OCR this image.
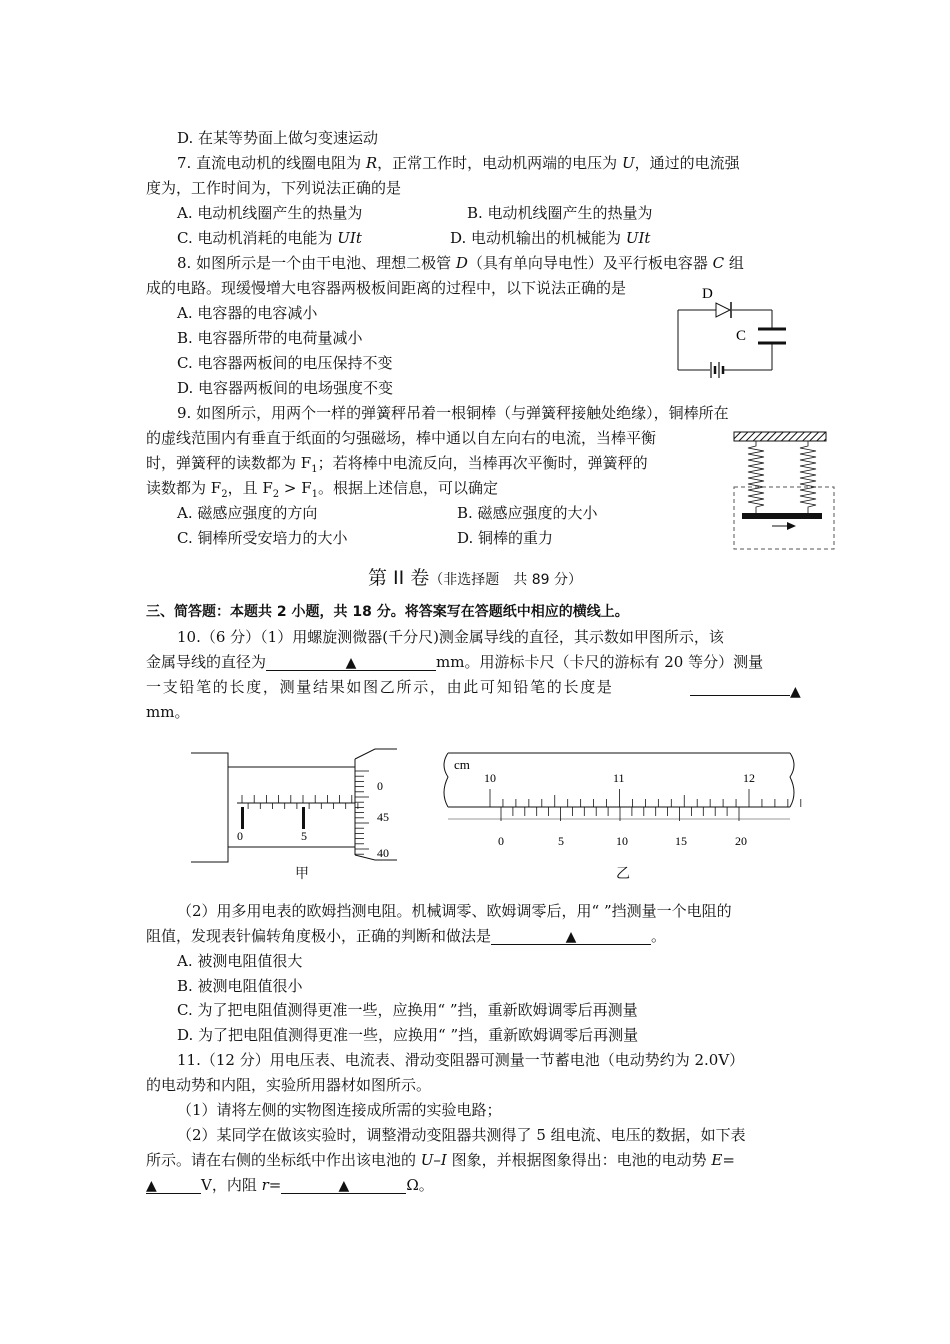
D. 在某等势面上做匀变速运动
7. 直流电动机的线圈电阻为 R，正常工作时，电动机两端的电压为 U，通过的电流强
度为，工作时间为，下列说法正确的是
A. 电动机线圈产生的热量为	B. 电动机线圈产生的热量为
C. 电动机消耗的电能为 UIt	D. 电动机输出的机械能为 UIt
8. 如图所示是一个由干电池、理想二极管 D（具有单向导电性）及平行板电容器 C 组
成的电路。现缓慢增大电容器两极板间距离的过程中，以下说法正确的是
A. 电容器的电容减小
B. 电容器所带的电荷量减小
C. 电容器两板间的电压保持不变
D. 电容器两板间的电场强度不变
D
C
9. 如图所示，用两个一样的弹簧秤吊着一根铜棒（与弹簧秤接触处绝缘），铜棒所在
的虚线范围内有垂直于纸面的匀强磁场，棒中通以自左向右的电流，当棒平衡
时，弹簧秤的读数都为 $F_1$；若将棒中电流反向，当棒再次平衡时，弹簧秤的
读数都为 $F_2$，且 $F_2 > F_1$。根据上述信息，可以确定
A. 磁感应强度的方向	B. 磁感应强度的大小
C. 铜棒所受安培力的大小	D. 铜棒的重力
第 II 卷（非选择题　共 89 分）
三、简答题：本题共 2 小题，共 18 分。将答案写在答题纸中相应的横线上。
10.（6 分）（1）用螺旋测微器(千分尺)测金属导线的直径，其示数如甲图所示，该
金属导线的直径为	▲	mm。用游标卡尺（卡尺的游标有 20 等分）测量
一支铅笔的长度，测量结果如图乙所示，由此可知铅笔的长度是	▲
mm。
0	5
0
45
40
甲
cm
10	11	12
0	5	10	15	20
乙
（2）用多用电表的欧姆挡测电阻。机械调零、欧姆调零后，用“ ”挡测量一个电阻的
阻值，发现表针偏转角度极小，正确的判断和做法是	▲	。
A. 被测电阻值很大
B. 被测电阻值很小
C. 为了把电阻值测得更准一些，应换用“ ”挡，重新欧姆调零后再测量
D. 为了把电阻值测得更准一些，应换用“ ”挡，重新欧姆调零后再测量
11.（12 分）用电压表、电流表、滑动变阻器可测量一节蓄电池（电动势约为 2.0V）
的电动势和内阻，实验所用器材如图所示。
（1）请将左侧的实物图连接成所需的实验电路；
（2）某同学在做该实验时，调整滑动变阻器共测得了 5 组电流、电压的数据，如下表
所示。请在右侧的坐标纸中作出该电池的 U–I 图象，并根据图象得出：电池的电动势 E=
▲	V，内阻 r=	▲	Ω。
